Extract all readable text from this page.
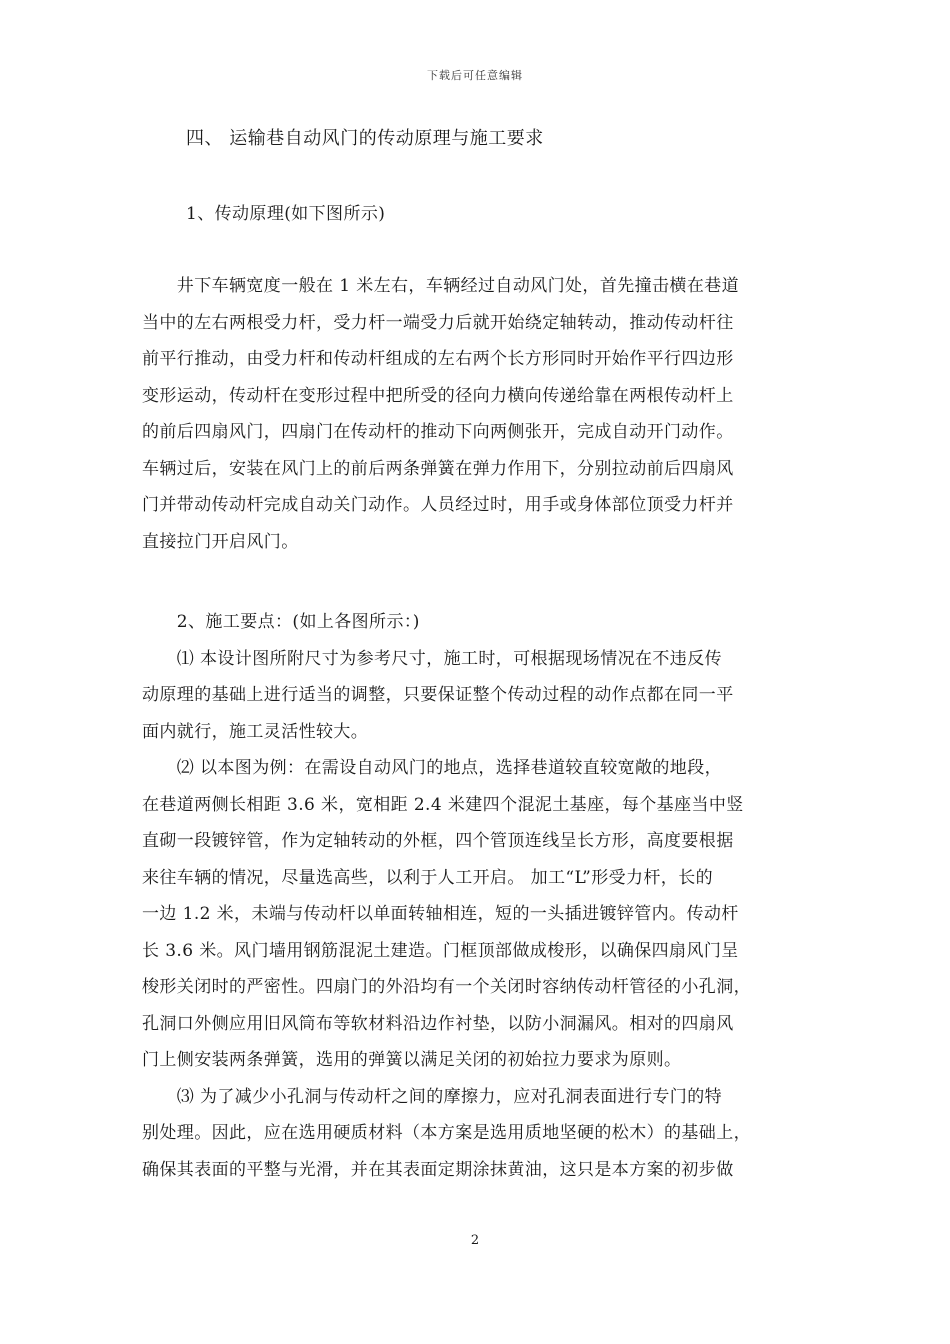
下载后可任意编辑
四、 运输巷自动风门的传动原理与施工要求
1、传动原理(如下图所示)
　　井下车辆宽度一般在 1 米左右，车辆经过自动风门处，首先撞击横在巷道
当中的左右两根受力杆，受力杆一端受力后就开始绕定轴转动，推动传动杆往
前平行推动，由受力杆和传动杆组成的左右两个长方形同时开始作平行四边形
变形运动，传动杆在变形过程中把所受的径向力横向传递给靠在两根传动杆上
的前后四扇风门，四扇门在传动杆的推动下向两侧张开，完成自动开门动作。
车辆过后，安装在风门上的前后两条弹簧在弹力作用下，分别拉动前后四扇风
门并带动传动杆完成自动关门动作。人员经过时，用手或身体部位顶受力杆并
直接拉门开启风门。
　　2、施工要点：(如上各图所示：)
　　⑴ 本设计图所附尺寸为参考尺寸，施工时，可根据现场情况在不违反传
动原理的基础上进行适当的调整，只要保证整个传动过程的动作点都在同一平
面内就行，施工灵活性较大。
　　⑵ 以本图为例：在需设自动风门的地点，选择巷道较直较宽敞的地段，
在巷道两侧长相距 3.6 米，宽相距 2.4 米建四个混泥土基座，每个基座当中竖
直砌一段镀锌管，作为定轴转动的外框，四个管顶连线呈长方形，高度要根据
来往车辆的情况，尽量选高些，以利于人工开启。 加工“L”形受力杆，长的
一边 1.2 米，未端与传动杆以单面转轴相连，短的一头插进镀锌管内。传动杆
长 3.6 米。风门墙用钢筋混泥土建造。门框顶部做成梭形，以确保四扇风门呈
梭形关闭时的严密性。四扇门的外沿均有一个关闭时容纳传动杆管径的小孔洞，
孔洞口外侧应用旧风筒布等软材料沿边作衬垫，以防小洞漏风。相对的四扇风
门上侧安装两条弹簧，选用的弹簧以满足关闭的初始拉力要求为原则。
　　⑶ 为了减少小孔洞与传动杆之间的摩擦力，应对孔洞表面进行专门的特
别处理。因此，应在选用硬质材料（本方案是选用质地坚硬的松木）的基础上，
确保其表面的平整与光滑，并在其表面定期涂抹黄油，这只是本方案的初步做
2
